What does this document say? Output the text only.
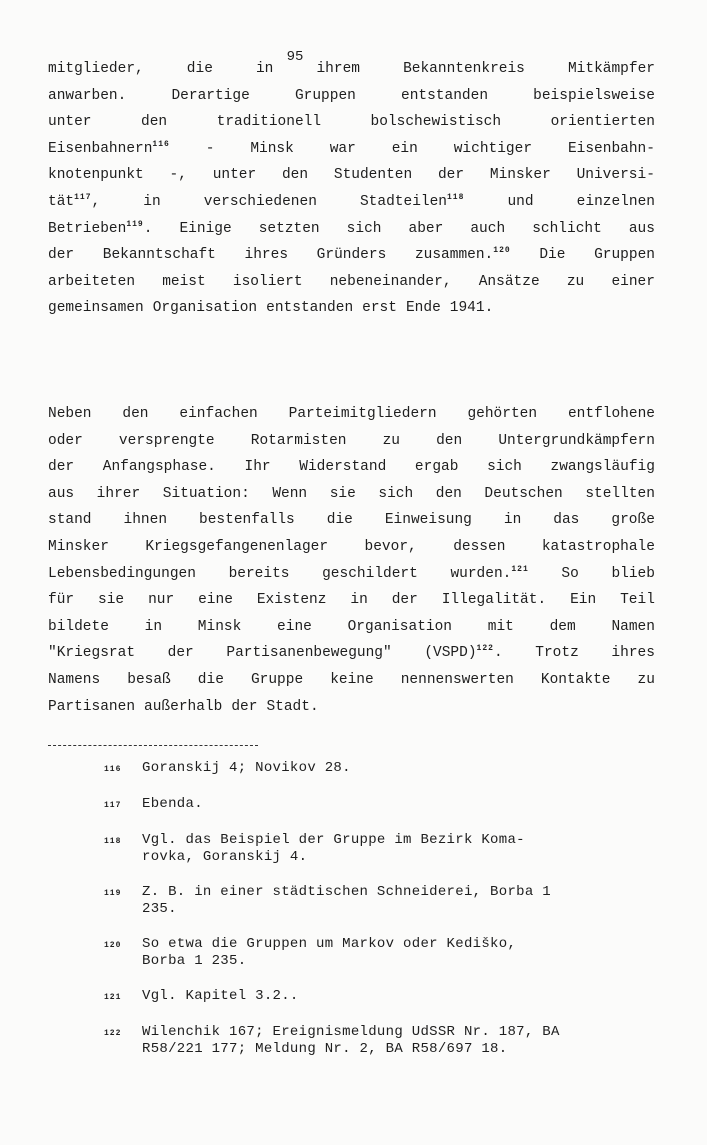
95
mitglieder,	die	in	ihrem	Bekanntenkreis	Mitkämpfer
anwarben.	Derartige	Gruppen	entstanden	beispielsweise
unter	den	traditionell	bolschewistisch	orientierten
Eisenbahnern$^{116}$ - Minsk war ein wichtiger Eisenbahn-
knotenpunkt -, unter den Studenten der Minsker Universi-
tät$^{117}$,	in	verschiedenen	Stadteilen$^{118}$	und	einzelnen
Betrieben$^{119}$. Einige setzten sich aber auch schlicht aus
der Bekanntschaft ihres Gründers zusammen.$^{120}$ Die Gruppen
arbeiteten meist isoliert nebeneinander, Ansätze zu einer
gemeinsamen Organisation entstanden erst Ende 1941.
Neben den einfachen Parteimitgliedern gehörten entflohene
oder versprengte Rotarmisten zu den Untergrundkämpfern
der Anfangsphase. Ihr Widerstand ergab sich zwangsläufig
aus ihrer Situation: Wenn sie sich den Deutschen stellten
stand ihnen bestenfalls die Einweisung in das große
Minsker	Kriegsgefangenenlager	bevor,	dessen	katastrophale
Lebensbedingungen bereits geschildert wurden.$^{121}$ So blieb
für sie nur eine Existenz in der Illegalität. Ein Teil
bildete in Minsk eine Organisation mit dem Namen
"Kriegsrat der Partisanenbewegung" (VSPD)$^{122}$. Trotz ihres
Namens besaß die Gruppe keine nennenswerten Kontakte zu
Partisanen außerhalb der Stadt.
116	Goranskij 4; Novikov 28.
117	Ebenda.
118	Vgl. das Beispiel der Gruppe im Bezirk Koma-
rovka, Goranskij 4.
119	Z. B. in einer städtischen Schneiderei, Borba 1
235.
120	So etwa die Gruppen um Markov oder Kediško,
Borba 1 235.
121	Vgl. Kapitel 3.2..
122	Wilenchik 167; Ereignismeldung UdSSR Nr. 187, BA
R58/221 177; Meldung Nr. 2, BA R58/697 18.
